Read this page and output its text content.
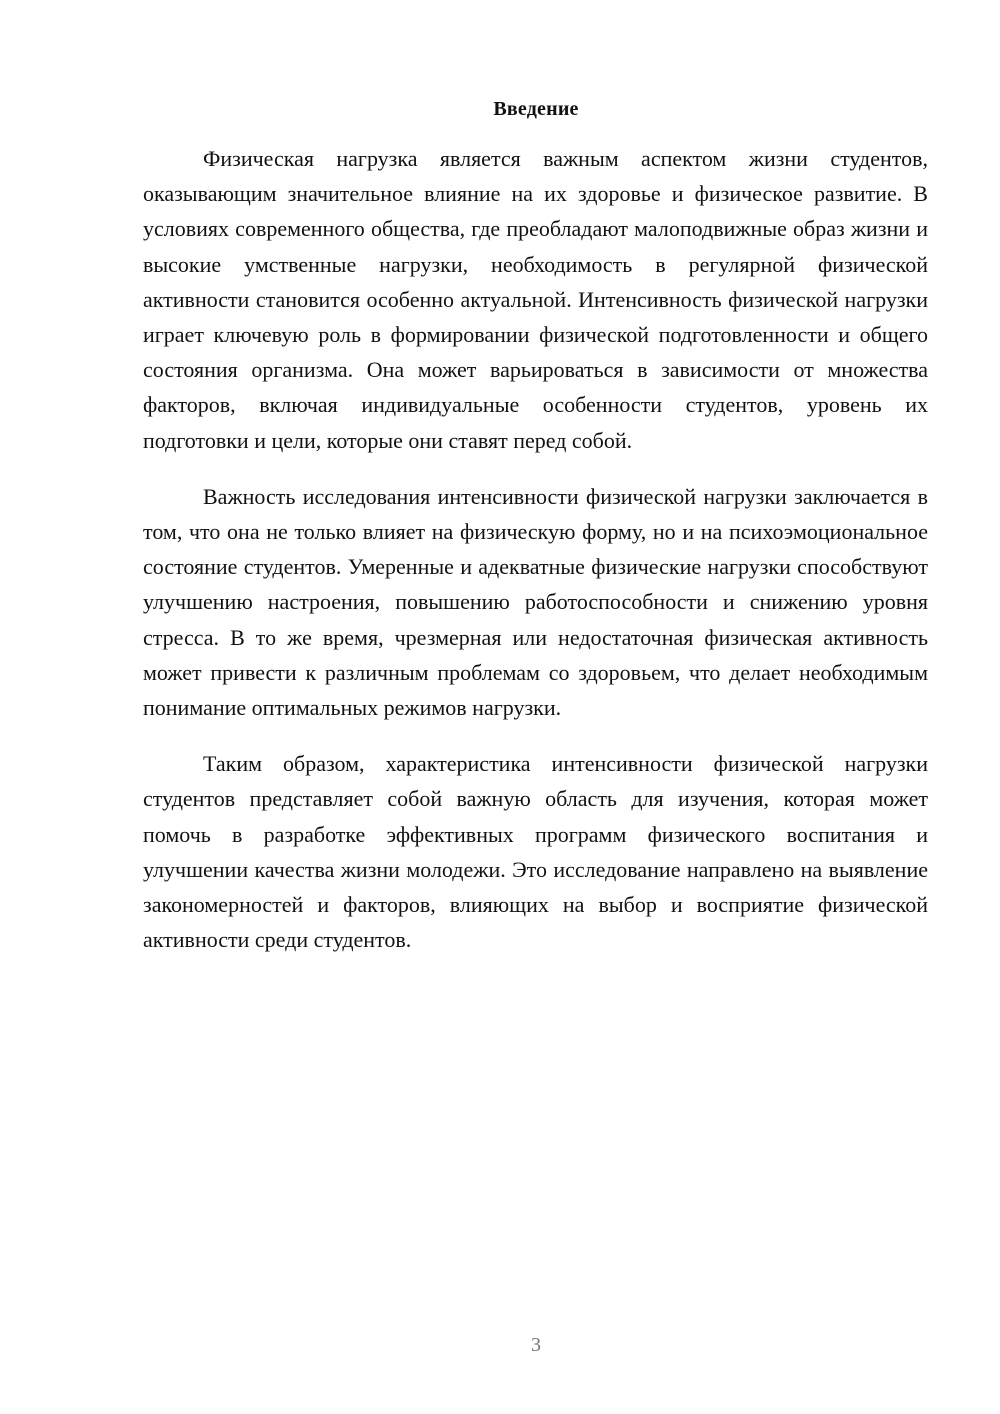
Введение

Физическая нагрузка является важным аспектом жизни студентов, оказывающим значительное влияние на их здоровье и физическое развитие. В условиях современного общества, где преобладают малоподвижные образ жизни и высокие умственные нагрузки, необходимость в регулярной физической активности становится особенно актуальной. Интенсивность физической нагрузки играет ключевую роль в формировании физической подготовленности и общего состояния организма. Она может варьироваться в зависимости от множества факторов, включая индивидуальные особенности студентов, уровень их подготовки и цели, которые они ставят перед собой.

Важность исследования интенсивности физической нагрузки заключается в том, что она не только влияет на физическую форму, но и на психоэмоциональное состояние студентов. Умеренные и адекватные физические нагрузки способствуют улучшению настроения, повышению работоспособности и снижению уровня стресса. В то же время, чрезмерная или недостаточная физическая активность может привести к различным проблемам со здоровьем, что делает необходимым понимание оптимальных режимов нагрузки.

Таким образом, характеристика интенсивности физической нагрузки студентов представляет собой важную область для изучения, которая может помочь в разработке эффективных программ физического воспитания и улучшении качества жизни молодежи. Это исследование направлено на выявление закономерностей и факторов, влияющих на выбор и восприятие физической активности среди студентов.

3
